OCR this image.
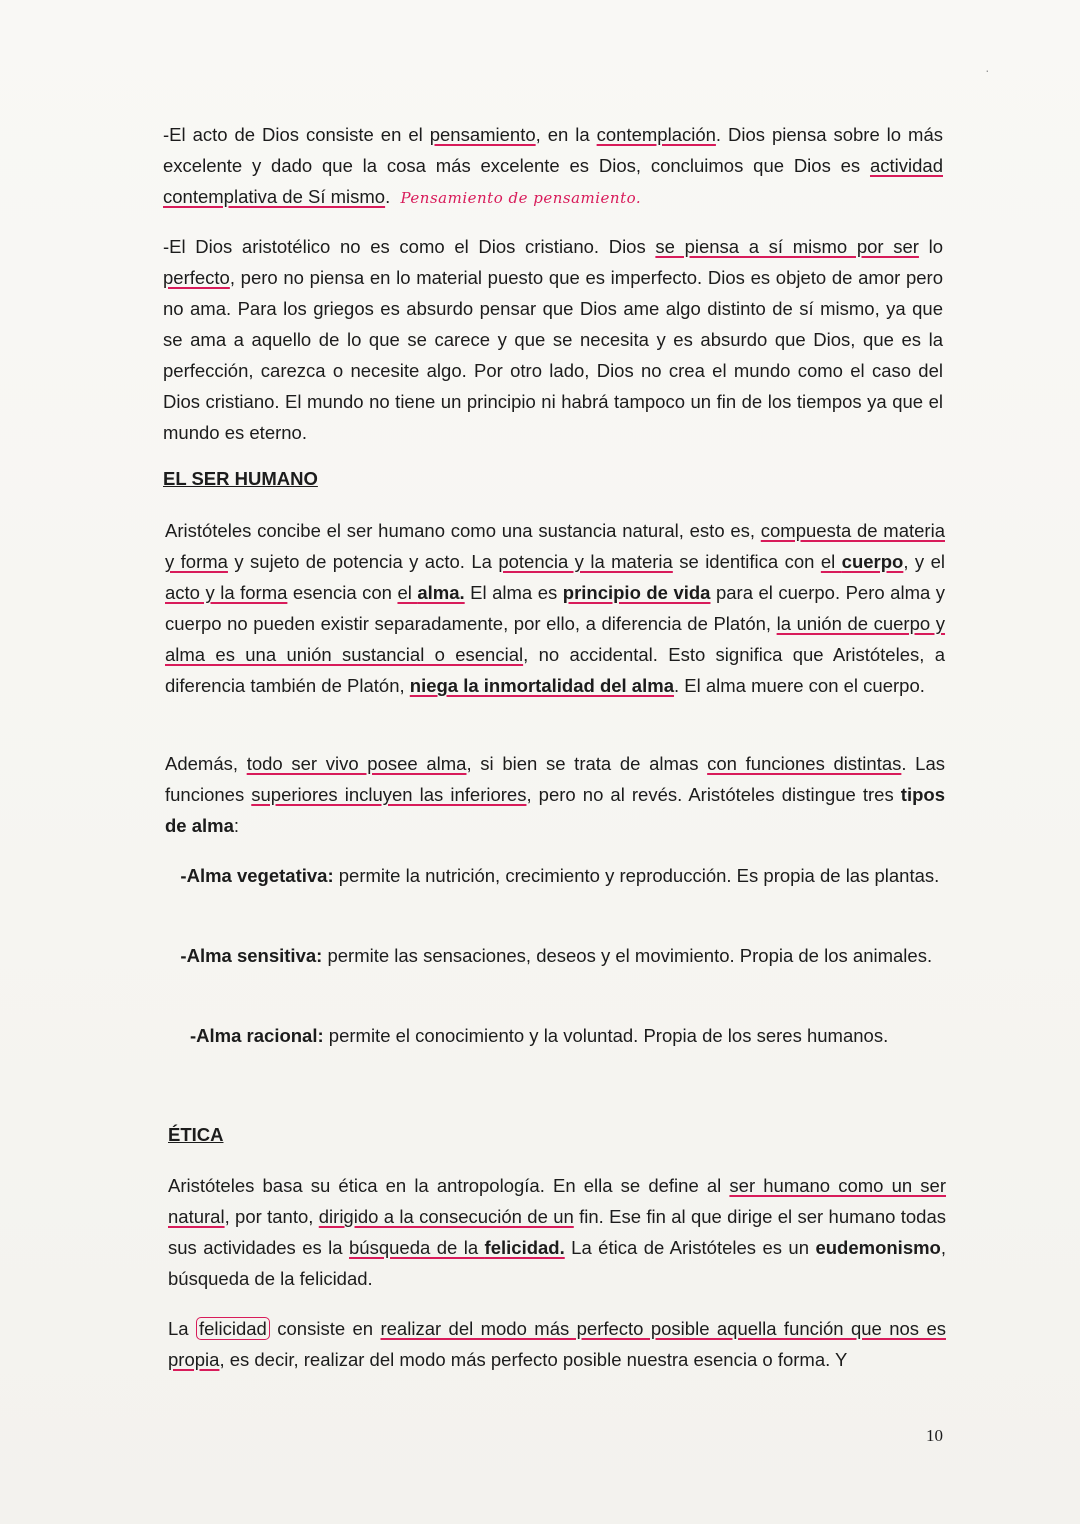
·

-El acto de Dios consiste en el pensamiento, en la contemplación. Dios piensa sobre lo más excelente y dado que la cosa más excelente es Dios, concluimos que Dios es actividad contemplativa de Sí mismo. Pensamiento de pensamiento.

-El Dios aristotélico no es como el Dios cristiano. Dios se piensa a sí mismo por ser lo perfecto, pero no piensa en lo material puesto que es imperfecto. Dios es objeto de amor pero no ama. Para los griegos es absurdo pensar que Dios ame algo distinto de sí mismo, ya que se ama a aquello de lo que se carece y que se necesita y es absurdo que Dios, que es la perfección, carezca o necesite algo. Por otro lado, Dios no crea el mundo como el caso del Dios cristiano. El mundo no tiene un principio ni habrá tampoco un fin de los tiempos ya que el mundo es eterno.

EL SER HUMANO

Aristóteles concibe el ser humano como una sustancia natural, esto es, compuesta de materia y forma y sujeto de potencia y acto. La potencia y la materia se identifica con el cuerpo, y el acto y la forma esencia con el alma. El alma es principio de vida para el cuerpo. Pero alma y cuerpo no pueden existir separadamente, por ello, a diferencia de Platón, la unión de cuerpo y alma es una unión sustancial o esencial, no accidental. Esto significa que Aristóteles, a diferencia también de Platón, niega la inmortalidad del alma. El alma muere con el cuerpo.

Además, todo ser vivo posee alma, si bien se trata de almas con funciones distintas. Las funciones superiores incluyen las inferiores, pero no al revés. Aristóteles distingue tres tipos de alma:

-Alma vegetativa: permite la nutrición, crecimiento y reproducción. Es propia de las plantas.

-Alma sensitiva: permite las sensaciones, deseos y el movimiento. Propia de los animales.

-Alma racional: permite el conocimiento y la voluntad. Propia de los seres humanos.

ÉTICA

Aristóteles basa su ética en la antropología. En ella se define al ser humano como un ser natural, por tanto, dirigido a la consecución de un fin. Ese fin al que dirige el ser humano todas sus actividades es la búsqueda de la felicidad. La ética de Aristóteles es un eudemonismo, búsqueda de la felicidad.

La felicidad consiste en realizar del modo más perfecto posible aquella función que nos es propia, es decir, realizar del modo más perfecto posible nuestra esencia o forma. Y

10
